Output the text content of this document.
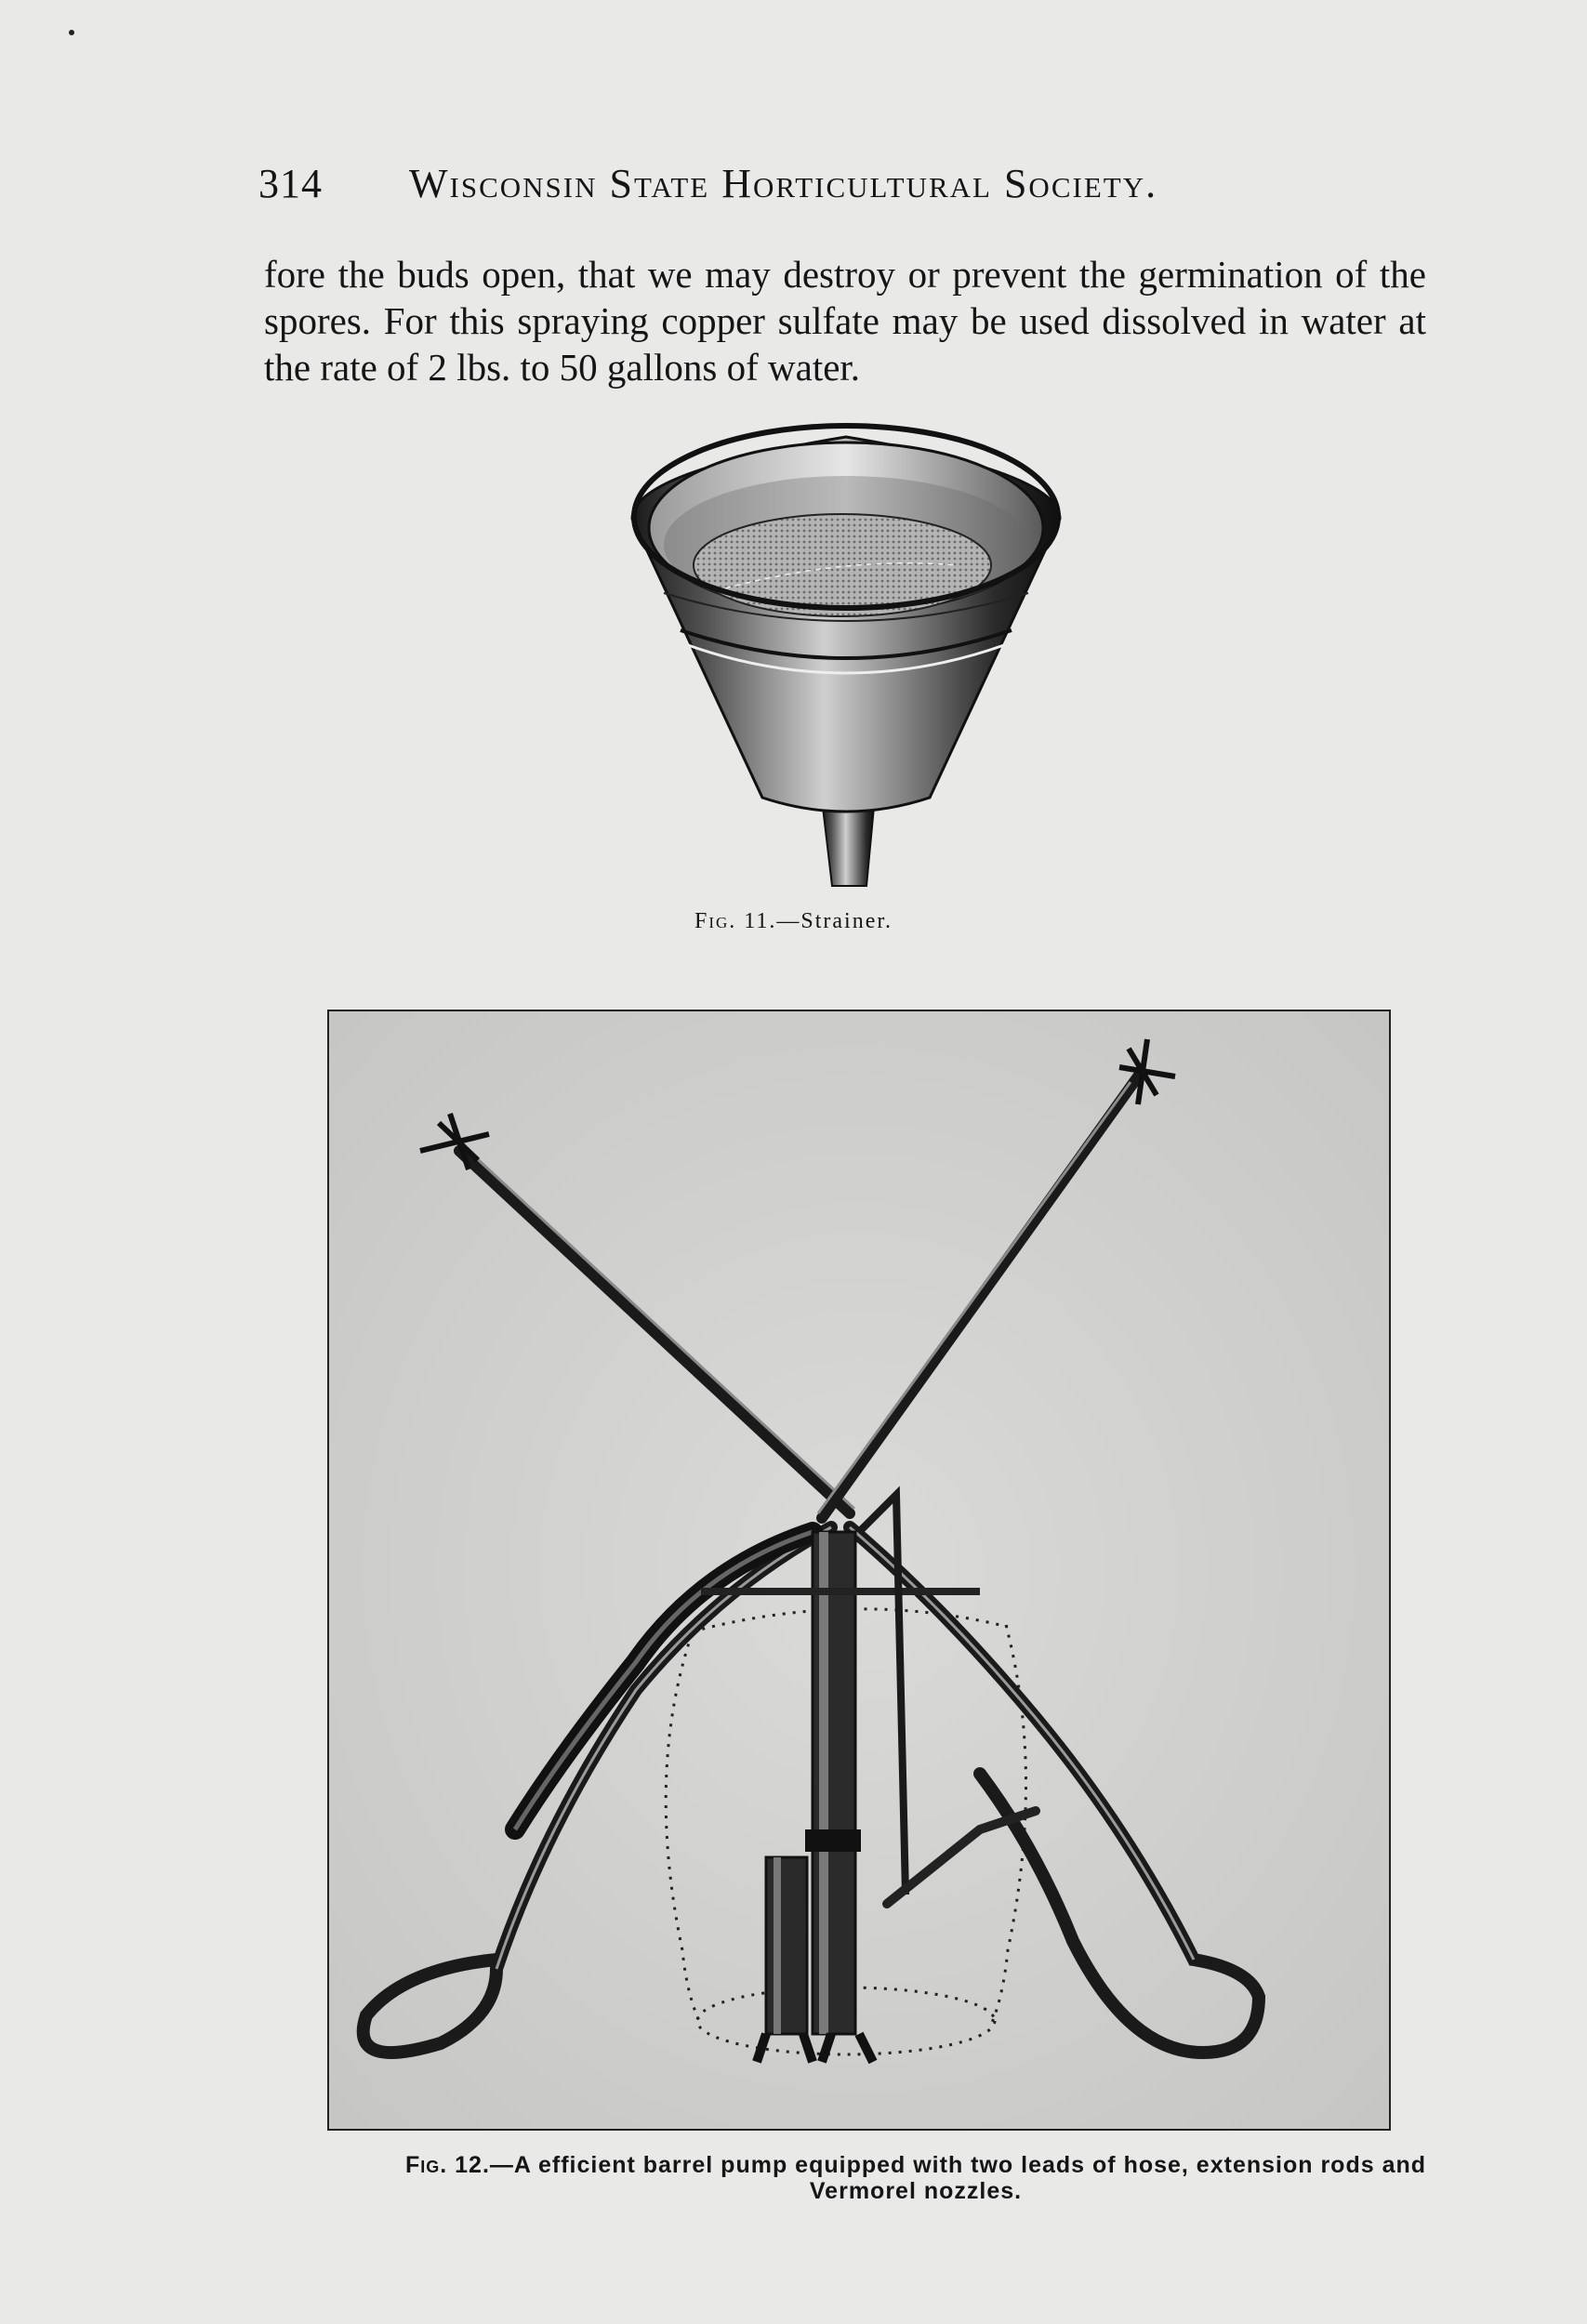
314 Wisconsin State Horticultural Society.
fore the buds open, that we may destroy or prevent the germination of the spores. For this spraying copper sulfate may be used dissolved in water at the rate of 2 lbs. to 50 gallons of water.
Fig. 11.—Strainer.
Fig. 12.—A efficient barrel pump equipped with two leads of hose, extension rods and Vermorel nozzles.
